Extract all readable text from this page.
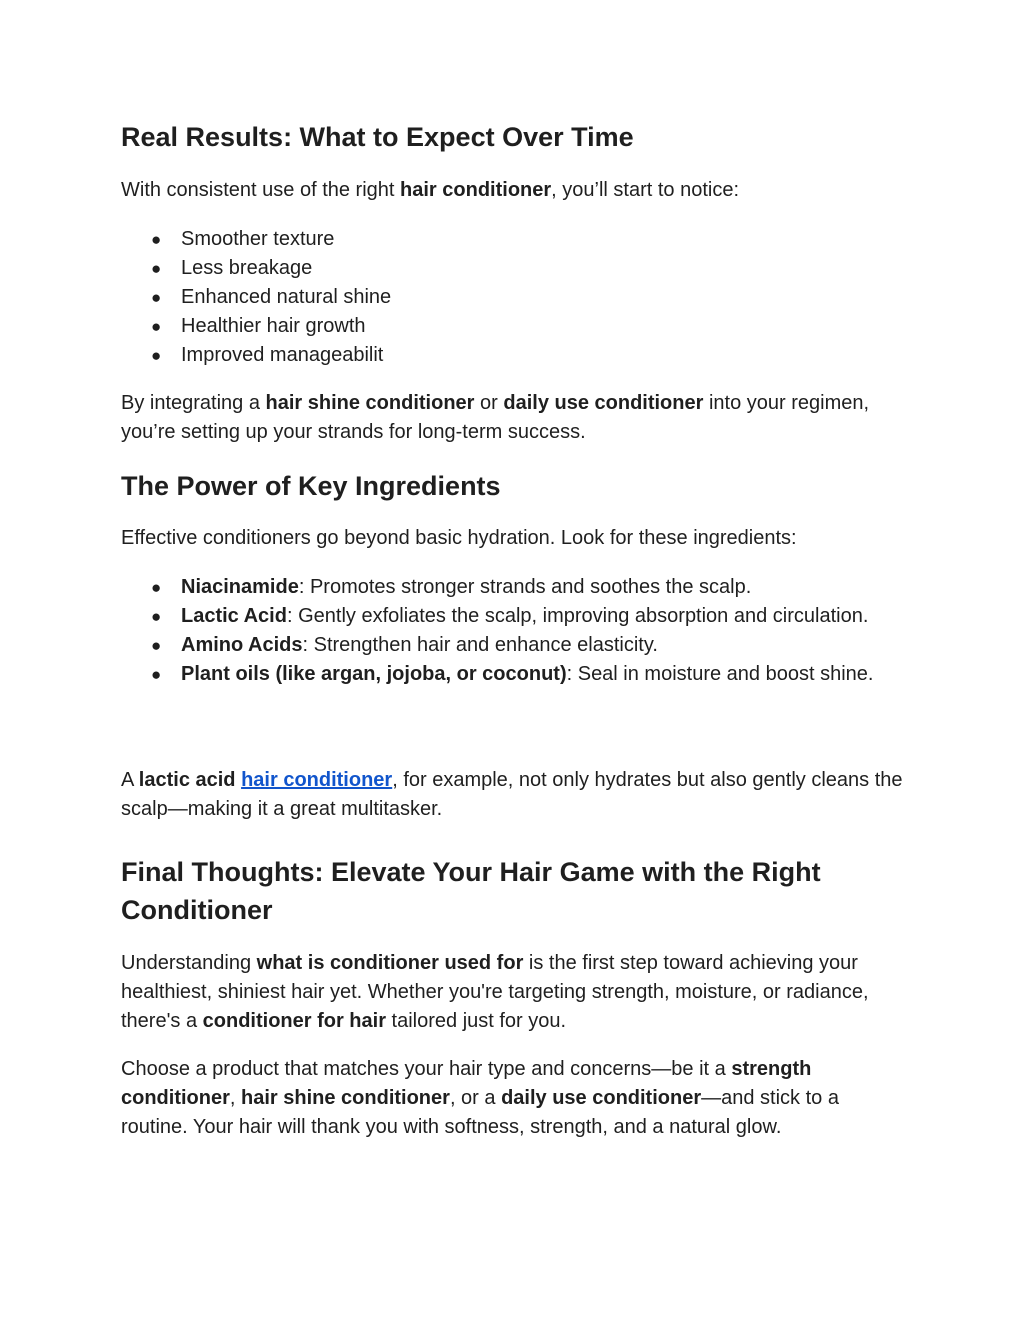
Real Results: What to Expect Over Time

With consistent use of the right hair conditioner, you’ll start to notice:

● Smoother texture
● Less breakage
● Enhanced natural shine
● Healthier hair growth
● Improved manageabilit

By integrating a hair shine conditioner or daily use conditioner into your regimen, you’re setting up your strands for long-term success.

The Power of Key Ingredients

Effective conditioners go beyond basic hydration. Look for these ingredients:

● Niacinamide: Promotes stronger strands and soothes the scalp.
● Lactic Acid: Gently exfoliates the scalp, improving absorption and circulation.
● Amino Acids: Strengthen hair and enhance elasticity.
● Plant oils (like argan, jojoba, or coconut): Seal in moisture and boost shine.

A lactic acid hair conditioner, for example, not only hydrates but also gently cleans the scalp—making it a great multitasker.

Final Thoughts: Elevate Your Hair Game with the Right Conditioner

Understanding what is conditioner used for is the first step toward achieving your healthiest, shiniest hair yet. Whether you're targeting strength, moisture, or radiance, there's a conditioner for hair tailored just for you.

Choose a product that matches your hair type and concerns—be it a strength conditioner, hair shine conditioner, or a daily use conditioner—and stick to a routine. Your hair will thank you with softness, strength, and a natural glow.
